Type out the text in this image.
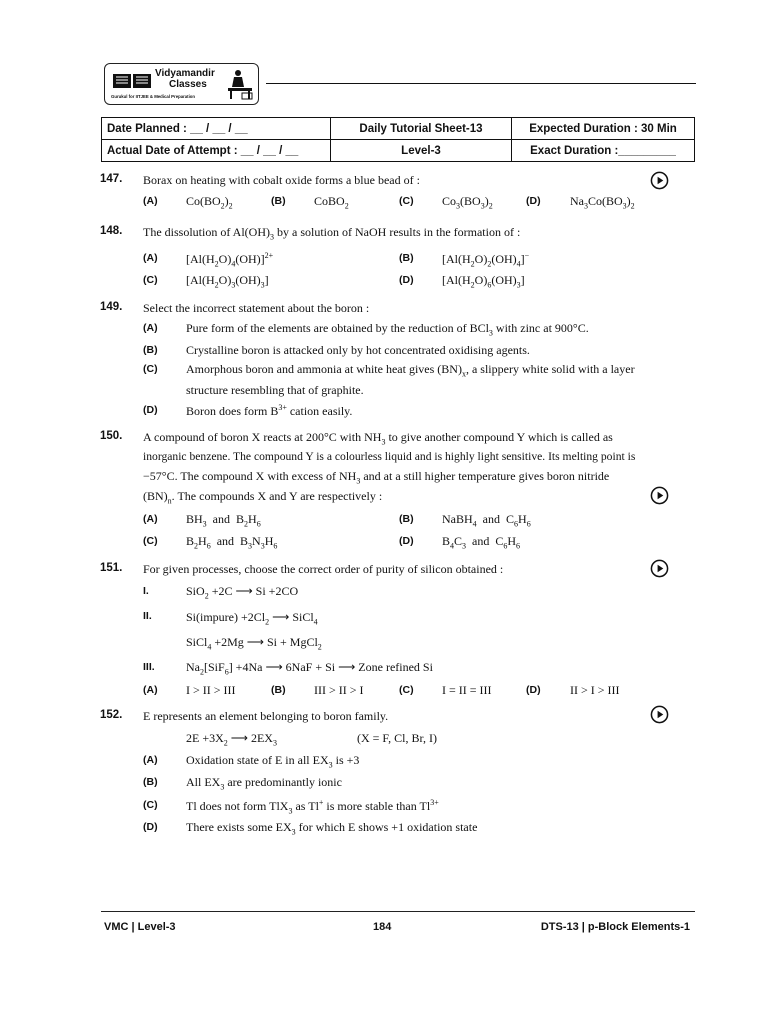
Vidyamandir
Classes
Gurukul for IITJEE & Medical Preparation
Date Planned : __ / __ / __	Daily Tutorial Sheet-13	Expected Duration : 30 Min
Actual Date of Attempt : __ / __ / __	Level-3	Exact Duration :_________
147. Borax on heating with cobalt oxide forms a blue bead of :
(A) $Co(BO_2)_2$	(B) CoBO$_2$	(C) $Co_3(BO_3)_2$	(D) $Na_3Co(BO_3)_2$
148. The dissolution of $Al(OH)_3$ by a solution of NaOH results in the formation of :
(A) $[Al(H_2O)_4(OH)]^{2+}$	(B) $[Al(H_2O)_2(OH)_4]^-$
(C) $[Al(H_2O)_3(OH)_3]$	(D) $[Al(H_2O)_6(OH)_3]$
149. Select the incorrect statement about the boron :
(A) Pure form of the elements are obtained by the reduction of BCl$_3$ with zinc at 900°C.
(B) Crystalline boron is attacked only by hot concentrated oxidising agents.
(C) Amorphous boron and ammonia at white heat gives $(BN)_x$, a slippery white solid with a layer
structure resembling that of graphite.
(D) Boron does form $B^{3+}$ cation easily.
150. A compound of boron X reacts at 200°C with $NH_3$ to give another compound Y which is called as
inorganic benzene. The compound Y is a colourless liquid and is highly light sensitive. Its melting point is
−57°C. The compound X with excess of $NH_3$ and at a still higher temperature gives boron nitride
$(BN)_n$. The compounds X and Y are respectively :
(A) $BH_3$ and  $B_2H_6$	(B) NaBH$_4$ and  $C_6H_6$
(C) $B_2H_6$ and  $B_3N_3H_6$	(D) $B_4C_3$ and  $C_6H_6$
151. For given processes, choose the correct order of purity of silicon obtained :
I.	SiO$_2$ +2C ⟶ Si +2CO
II.	Si(impure) $+2Cl_2$ ⟶ SiCl$_4$
SiCl$_4$ +2Mg ⟶ Si + MgCl$_2$
III.	$Na_2[SiF_6] +4Na$ ⟶ 6NaF + Si ⟶ Zone refined Si
(A) I > II > III	(B) III > II > I	(C) I = II = III	(D) II > I > III
152. E represents an element belonging to boron family.
$2E +3X_2$ ⟶ $2EX_3$	(X = F, Cl, Br, I)
(A) Oxidation state of E in all $EX_3$ is +3
(B) All $EX_3$ are predominantly ionic
(C) Tl does not form TlX$_3$ as Tl+ is more stable than $Tl^{3+}$
(D) There exists some $EX_3$ for which E shows +1 oxidation state
VMC | Level-3	184	DTS-13 | p-Block Elements-1
